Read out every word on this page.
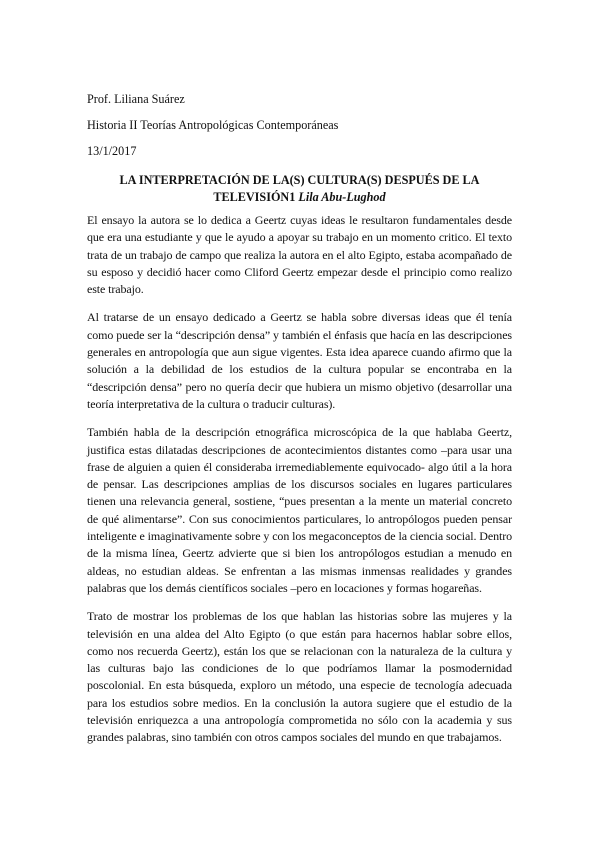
Prof. Liliana Suárez

Historia II Teorías Antropológicas Contemporáneas

13/1/2017

LA INTERPRETACIÓN DE LA(S) CULTURA(S) DESPUÉS DE LA TELEVISIÓN1 Lila Abu-Lughod

El ensayo la autora se lo dedica a Geertz cuyas ideas le resultaron fundamentales desde que era una estudiante y que le ayudo a apoyar su trabajo en un momento critico. El texto trata de un trabajo de campo que realiza la autora en el alto Egipto, estaba acompañado de su esposo y decidió hacer como Cliford Geertz empezar desde el principio como realizo este trabajo.

Al tratarse de un ensayo dedicado a Geertz se habla sobre diversas ideas que él tenía como puede ser la “descripción densa” y también el énfasis que hacía en las descripciones generales en antropología que aun sigue vigentes. Esta idea aparece cuando afirmo que la solución a la debilidad de los estudios de la cultura popular se encontraba en la “descripción densa” pero no quería decir que hubiera un mismo objetivo (desarrollar una teoría interpretativa de la cultura o traducir culturas).

También habla de la descripción etnográfica microscópica de la que hablaba Geertz, justifica estas dilatadas descripciones de acontecimientos distantes como –para usar una frase de alguien a quien él consideraba irremediablemente equivocado- algo útil a la hora de pensar. Las descripciones amplias de los discursos sociales en lugares particulares tienen una relevancia general, sostiene, “pues presentan a la mente un material concreto de qué alimentarse”. Con sus conocimientos particulares, lo antropólogos pueden pensar inteligente e imaginativamente sobre y con los megaconceptos de la ciencia social. Dentro de la misma línea, Geertz advierte que si bien los antropólogos estudian a menudo en aldeas, no estudian aldeas. Se enfrentan a las mismas inmensas realidades y grandes palabras que los demás científicos sociales –pero en locaciones y formas hogareñas.

Trato de mostrar los problemas de los que hablan las historias sobre las mujeres y la televisión en una aldea del Alto Egipto (o que están para hacernos hablar sobre ellos, como nos recuerda Geertz), están los que se relacionan con la naturaleza de la cultura y las culturas bajo las condiciones de lo que podríamos llamar la posmodernidad poscolonial. En esta búsqueda, exploro un método, una especie de tecnología adecuada para los estudios sobre medios. En la conclusión la autora sugiere que el estudio de la televisión enriquezca a una antropología comprometida no sólo con la academia y sus grandes palabras, sino también con otros campos sociales del mundo en que trabajamos.
